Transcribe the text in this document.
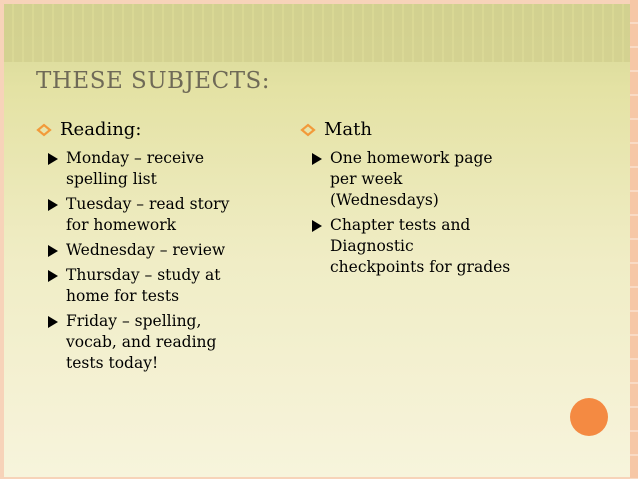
THESE SUBJECTS:
Reading:
Monday – receive
spelling list
Tuesday – read story
for homework
Wednesday – review
Thursday – study at
home for tests
Friday – spelling,
vocab, and reading
tests today!
Math
One homework page
per week
(Wednesdays)
Chapter tests and
Diagnostic
checkpoints for grades
